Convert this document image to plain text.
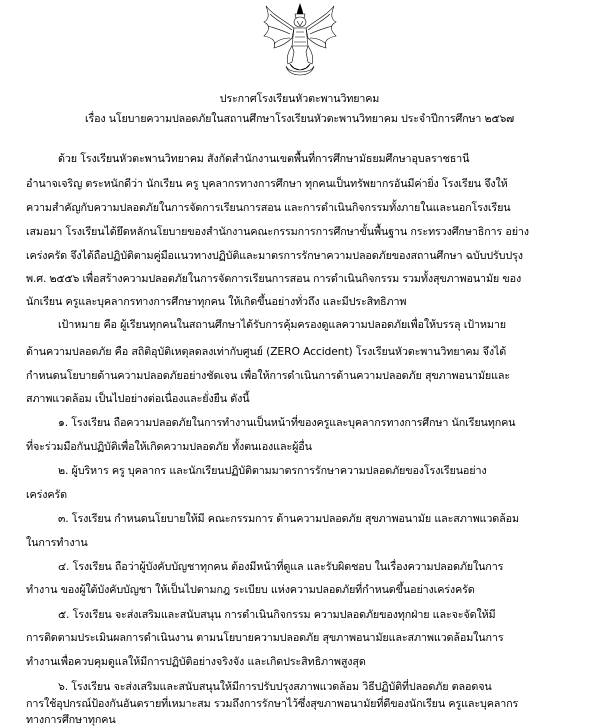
ประกาศโรงเรียนหัวตะพานวิทยาคม
เรื่อง นโยบายความปลอดภัยในสถานศึกษาโรงเรียนหัวตะพานวิทยาคม ประจำปีการศึกษา ๒๕๖๗
ด้วย โรงเรียนหัวตะพานวิทยาคม สังกัดสำนักงานเขตพื้นที่การศึกษามัธยมศึกษาอุบลราชธานี
อำนาจเจริญ ตระหนักดีว่า นักเรียน ครู บุคลากรทางการศึกษา ทุกคนเป็นทรัพยากรอันมีค่ายิ่ง โรงเรียน จึงให้
ความสำคัญกับความปลอดภัยในการจัดการเรียนการสอน และการดำเนินกิจกรรมทั้งภายในและนอกโรงเรียน
เสมอมา โรงเรียนได้ยึดหลักนโยบายของสำนักงานคณะกรรมการการศึกษาขั้นพื้นฐาน กระทรวงศึกษาธิการ อย่าง
เคร่งครัด จึงได้ถือปฏิบัติตามคู่มือแนวทางปฏิบัติและมาตรการรักษาความปลอดภัยของสถานศึกษา ฉบับปรับปรุง
พ.ศ. ๒๕๕๖ เพื่อสร้างความปลอดภัยในการจัดการเรียนการสอน การดำเนินกิจกรรม รวมทั้งสุขภาพอนามัย ของ
นักเรียน ครูและบุคลากรทางการศึกษาทุกคน ให้เกิดขึ้นอย่างทั่วถึง และมีประสิทธิภาพ
เป้าหมาย คือ ผู้เรียนทุกคนในสถานศึกษาได้รับการคุ้มครองดูแลความปลอดภัยเพื่อให้บรรลุ เป้าหมาย
ด้านความปลอดภัย คือ สถิติอุบัติเหตุลดลงเท่ากับศูนย์ (ZERO Accident) โรงเรียนหัวตะพานวิทยาคม จึงได้
กำหนดนโยบายด้านความปลอดภัยอย่างชัดเจน เพื่อให้การดำเนินการด้านความปลอดภัย สุขภาพอนามัยและ
สภาพแวดล้อม เป็นไปอย่างต่อเนื่องและยั่งยืน ดังนี้
๑. โรงเรียน ถือความปลอดภัยในการทำงานเป็นหน้าที่ของครูและบุคลากรทางการศึกษา นักเรียนทุกคน
ที่จะร่วมมือกันปฏิบัติเพื่อให้เกิดความปลอดภัย ทั้งตนเองและผู้อื่น
๒. ผู้บริหาร ครู บุคลากร และนักเรียนปฏิบัติตามมาตรการรักษาความปลอดภัยของโรงเรียนอย่าง
เคร่งครัด
๓. โรงเรียน กำหนดนโยบายให้มี คณะกรรมการ ด้านความปลอดภัย สุขภาพอนามัย และสภาพแวดล้อม
ในการทำงาน
๔. โรงเรียน ถือว่าผู้บังคับบัญชาทุกคน ต้องมีหน้าที่ดูแล และรับผิดชอบ ในเรื่องความปลอดภัยในการ
ทำงาน ของผู้ใต้บังคับบัญชา ให้เป็นไปตามกฎ ระเบียบ แห่งความปลอดภัยที่กำหนดขึ้นอย่างเคร่งครัด
๕. โรงเรียน จะส่งเสริมและสนับสนุน การดำเนินกิจกรรม ความปลอดภัยของทุกฝ่าย และจะจัดให้มี
การติดตามประเมินผลการดำเนินงาน ตามนโยบายความปลอดภัย สุขภาพอนามัยและสภาพแวดล้อมในการ
ทำงานเพื่อควบคุมดูแลให้มีการปฏิบัติอย่างจริงจัง และเกิดประสิทธิภาพสูงสุด
๖. โรงเรียน จะส่งเสริมและสนับสนุนให้มีการปรับปรุงสภาพแวดล้อม วิธีปฏิบัติที่ปลอดภัย ตลอดจน
การใช้อุปกรณ์ป้องกันอันตรายที่เหมาะสม รวมถึงการรักษาไว้ซึ่งสุขภาพอนามัยที่ดีของนักเรียน ครูและบุคลากร
ทางการศึกษาทุกคน
